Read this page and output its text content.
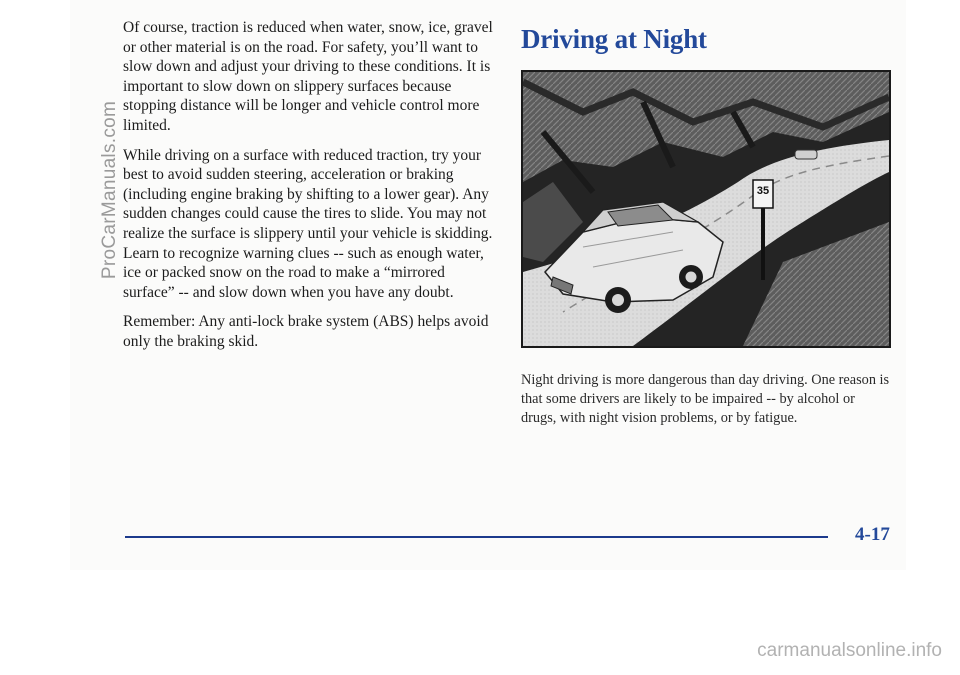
Of course, traction is reduced when water, snow, ice, gravel or other material is on the road. For safety, you’ll want to slow down and adjust your driving to these conditions. It is important to slow down on slippery surfaces because stopping distance will be longer and vehicle control more limited.

While driving on a surface with reduced traction, try your best to avoid sudden steering, acceleration or braking (including engine braking by shifting to a lower gear). Any sudden changes could cause the tires to slide. You may not realize the surface is slippery until your vehicle is skidding. Learn to recognize warning clues -- such as enough water, ice or packed snow on the road to make a “mirrored surface” -- and slow down when you have any doubt.

Remember: Any anti-lock brake system (ABS) helps avoid only the braking skid.

Driving at Night
35

Night driving is more dangerous than day driving. One reason is that some drivers are likely to be impaired -- by alcohol or drugs, with night vision problems, or by fatigue.

4-17
ProCarManuals.com
carmanualsonline.info
